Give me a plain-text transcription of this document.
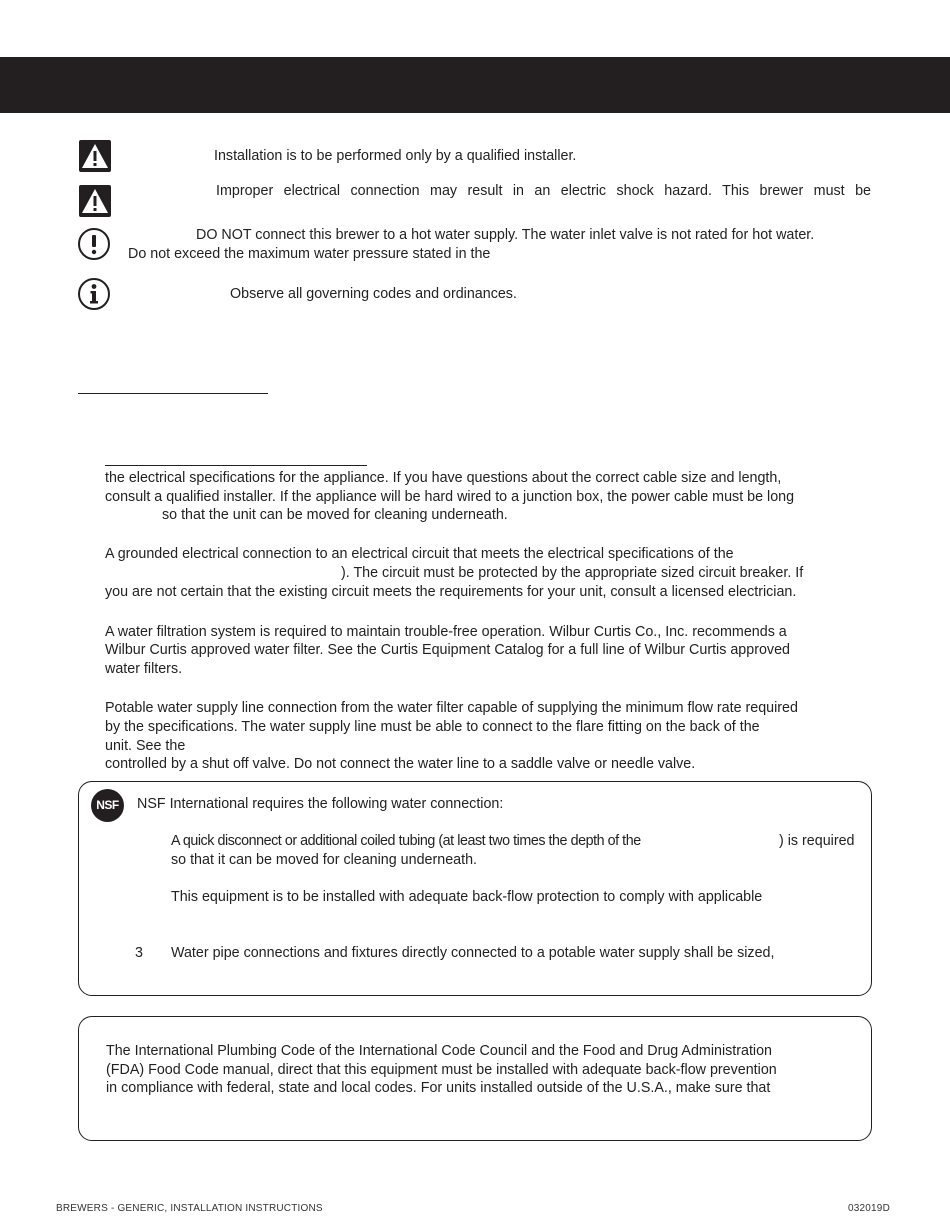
Installation is to be performed only by a qualified installer.
Improper electrical connection may result in an electric shock hazard. This brewer must be
DO NOT connect this brewer to a hot water supply. The water inlet valve is not rated for hot water.
Do not exceed the maximum water pressure stated in the
Observe all governing codes and ordinances.
the electrical specifications for the appliance. If you have questions about the correct cable size and length,
consult a qualified installer. If the appliance will be hard wired to a junction box, the power cable must be long
so that the unit can be moved for cleaning underneath.
A grounded electrical connection to an electrical circuit that meets the electrical specifications of the
). The circuit must be protected by the appropriate sized circuit breaker. If
you are not certain that the existing circuit meets the requirements for your unit, consult a licensed electrician.
A water filtration system is required to maintain trouble-free operation. Wilbur Curtis Co., Inc. recommends a
Wilbur Curtis approved water filter. See the Curtis Equipment Catalog for a full line of Wilbur Curtis approved
water filters.
Potable water supply line connection from the water filter capable of supplying the minimum flow rate required
by the specifications. The water supply line must be able to connect to the flare fitting on the back of the
unit. See the
controlled by a shut off valve. Do not connect the water line to a saddle valve or needle valve.
NSF	NSF International requires the following water connection:
A quick disconnect or additional coiled tubing (at least two times the depth of the	) is required
so that it can be moved for cleaning underneath.
This equipment is to be installed with adequate back-flow protection to comply with applicable
3 Water pipe connections and fixtures directly connected to a potable water supply shall be sized,
The International Plumbing Code of the International Code Council and the Food and Drug Administration
(FDA) Food Code manual, direct that this equipment must be installed with adequate back-flow prevention
in compliance with federal, state and local codes. For units installed outside of the U.S.A., make sure that
BREWERS - GENERIC, INSTALLATION INSTRUCTIONS	032019D
